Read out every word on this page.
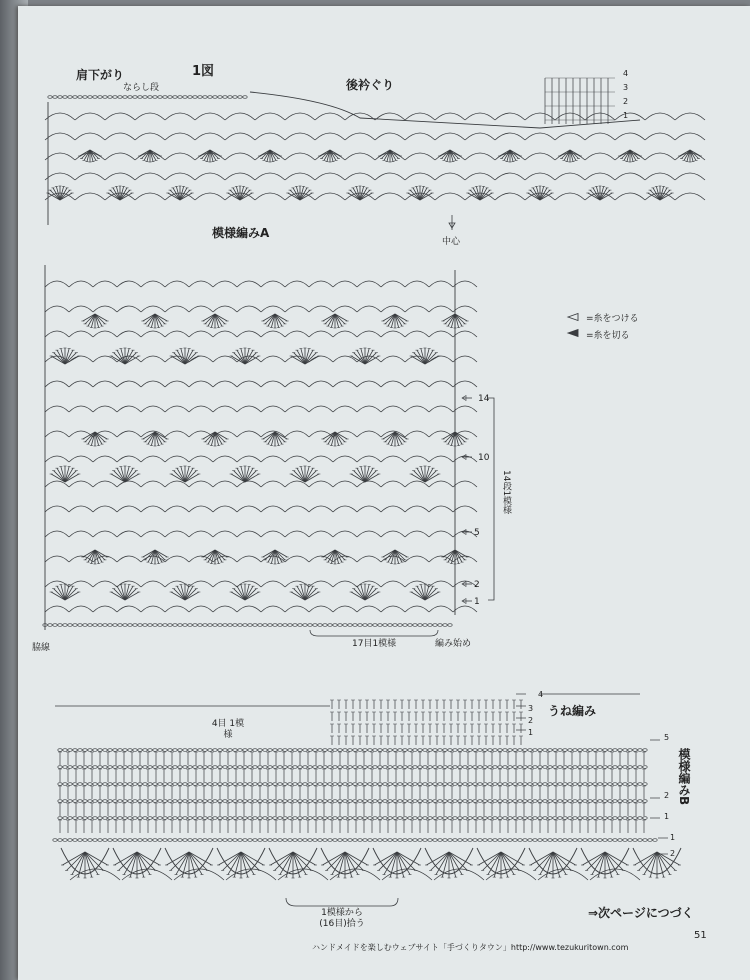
肩下がり	1図
ならし段	後衿ぐり
中心
4
3
2
1
模様編みA
14
10
5
2
1
14段1模様
17目1模様	編み始め
脇線
=糸をつける
=糸を切る
4目 1模様
うね編み
4
3
2
1
模様編みB
5
2
1
1
2
1模様から (16目)拾う
⇒次ページにつづく
51
ハンドメイドを楽しむウェブサイト「手づくりタウン」http://www.tezukuritown.com
